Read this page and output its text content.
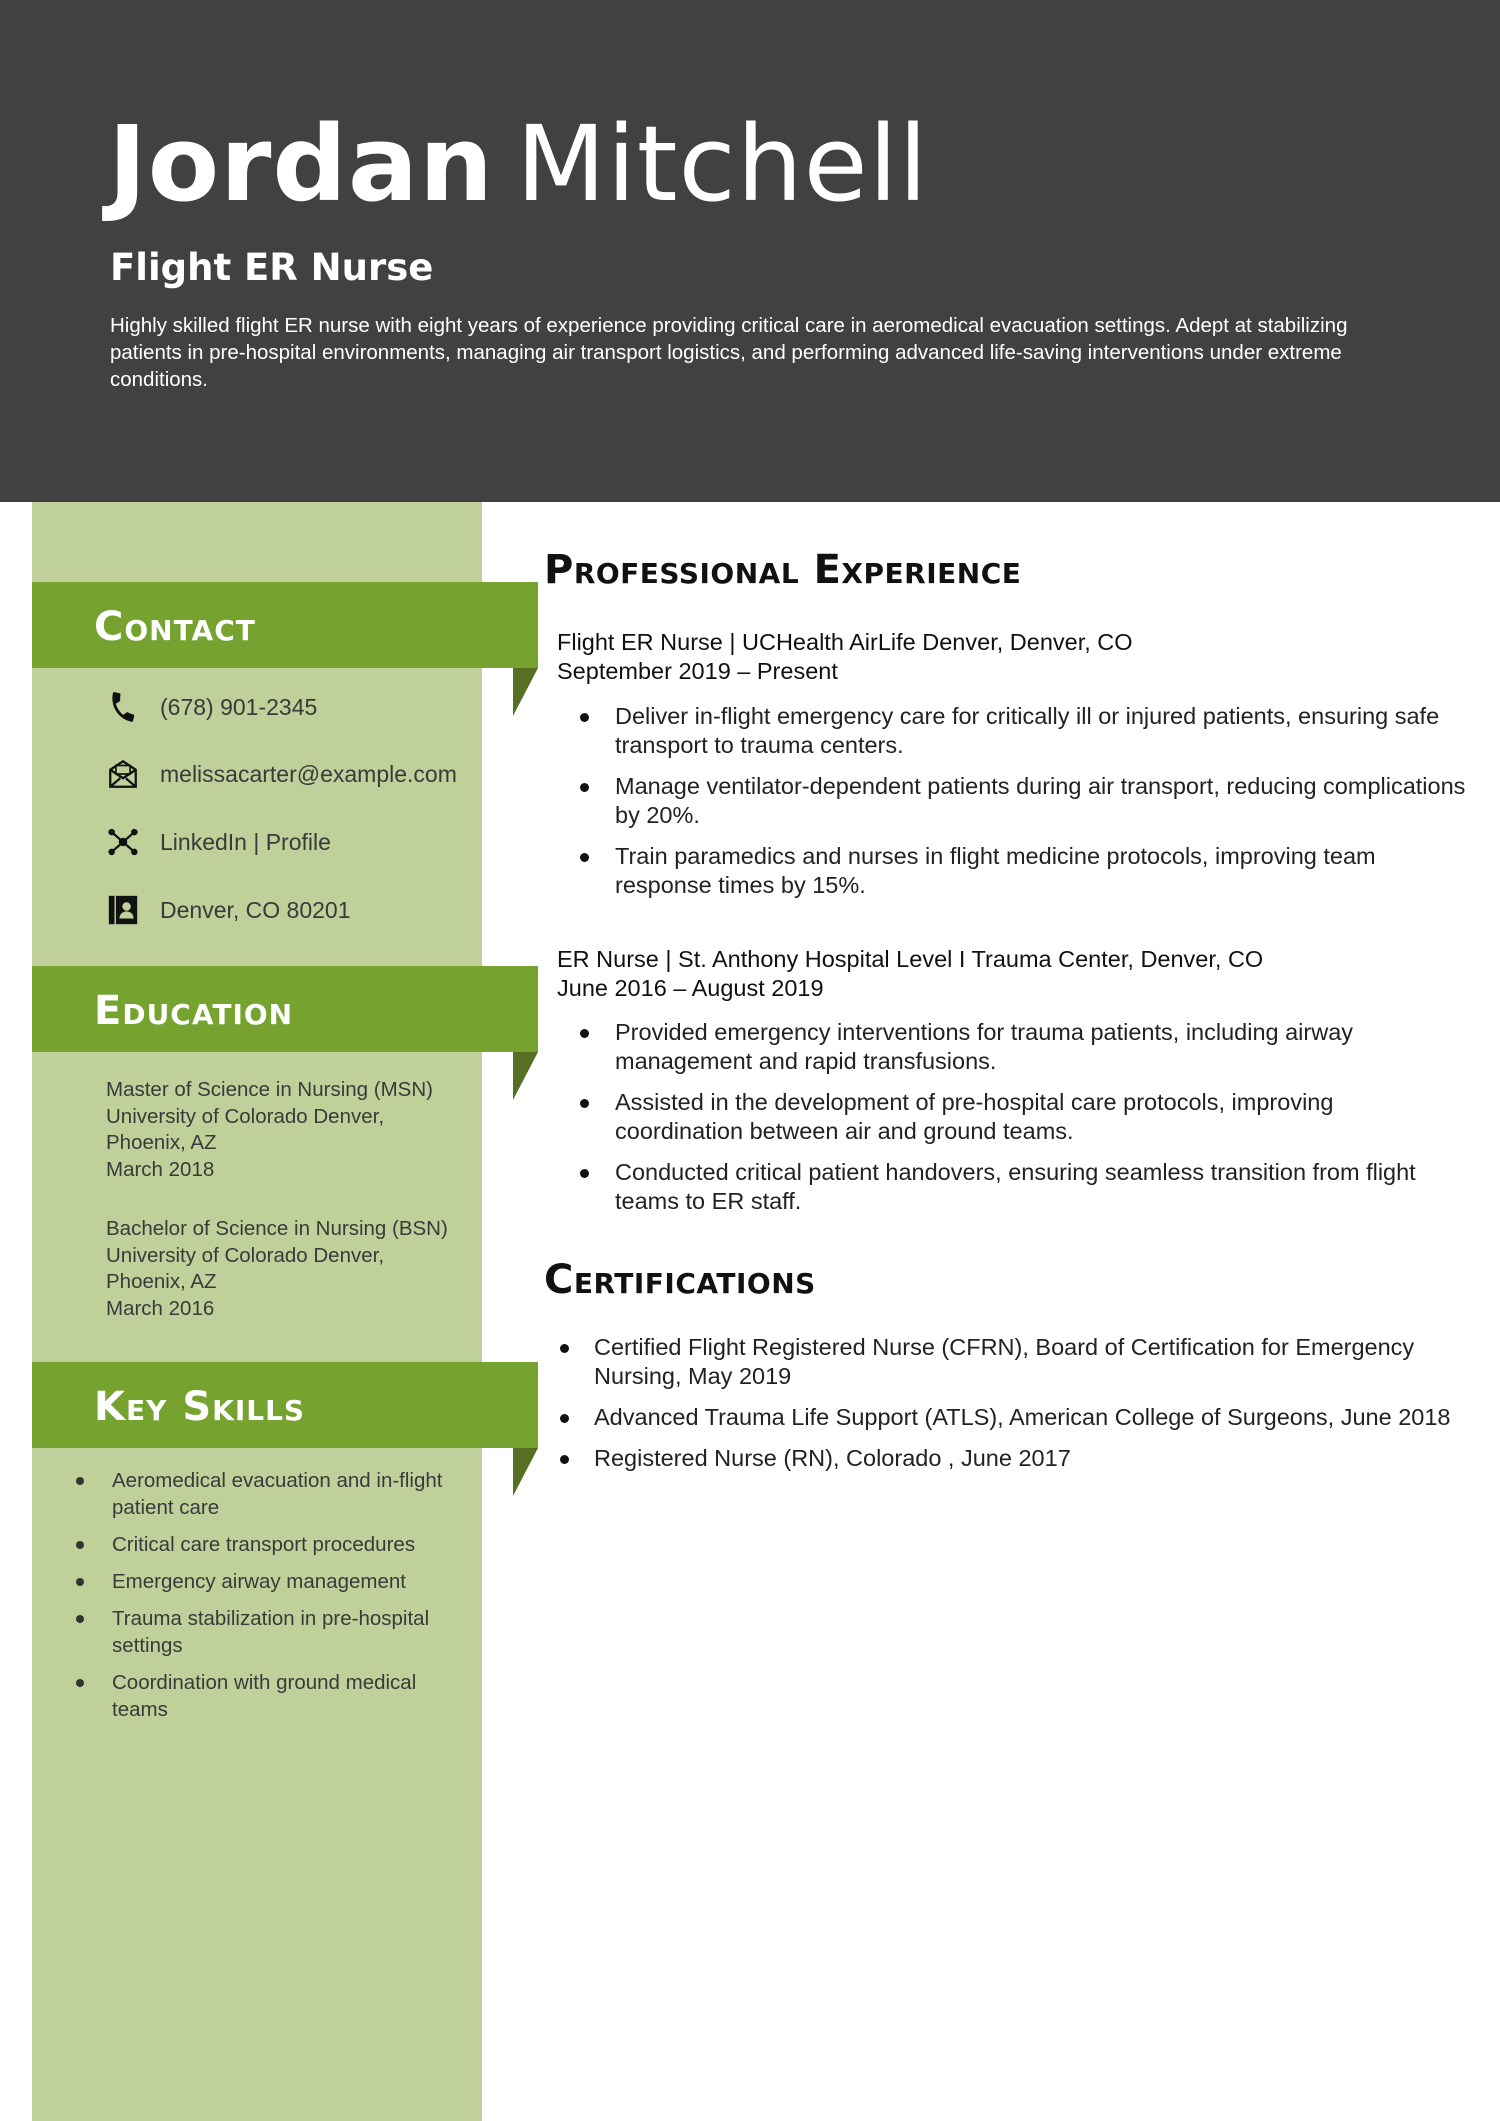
Jordan Mitchell
Flight ER Nurse
Highly skilled flight ER nurse with eight years of experience providing critical care in aeromedical evacuation settings. Adept at stabilizing patients in pre-hospital environments, managing air transport logistics, and performing advanced life-saving interventions under extreme conditions.
Contact
(678) 901-2345
melissacarter@example.com
LinkedIn | Profile
Denver, CO 80201
Education
Master of Science in Nursing (MSN)
University of Colorado Denver,
Phoenix, AZ
March 2018
Bachelor of Science in Nursing (BSN)
University of Colorado Denver,
Phoenix, AZ
March 2016
Key Skills
Aeromedical evacuation and in-flight patient care
Critical care transport procedures
Emergency airway management
Trauma stabilization in pre-hospital settings
Coordination with ground medical teams
Professional Experience
Flight ER Nurse | UCHealth AirLife Denver, Denver, CO
September 2019 – Present
Deliver in-flight emergency care for critically ill or injured patients, ensuring safe transport to trauma centers.
Manage ventilator-dependent patients during air transport, reducing complications by 20%.
Train paramedics and nurses in flight medicine protocols, improving team response times by 15%.
ER Nurse | St. Anthony Hospital Level I Trauma Center, Denver, CO
June 2016 – August 2019
Provided emergency interventions for trauma patients, including airway management and rapid transfusions.
Assisted in the development of pre-hospital care protocols, improving coordination between air and ground teams.
Conducted critical patient handovers, ensuring seamless transition from flight teams to ER staff.
Certifications
Certified Flight Registered Nurse (CFRN), Board of Certification for Emergency Nursing, May 2019
Advanced Trauma Life Support (ATLS), American College of Surgeons, June 2018
Registered Nurse (RN), Colorado , June 2017
